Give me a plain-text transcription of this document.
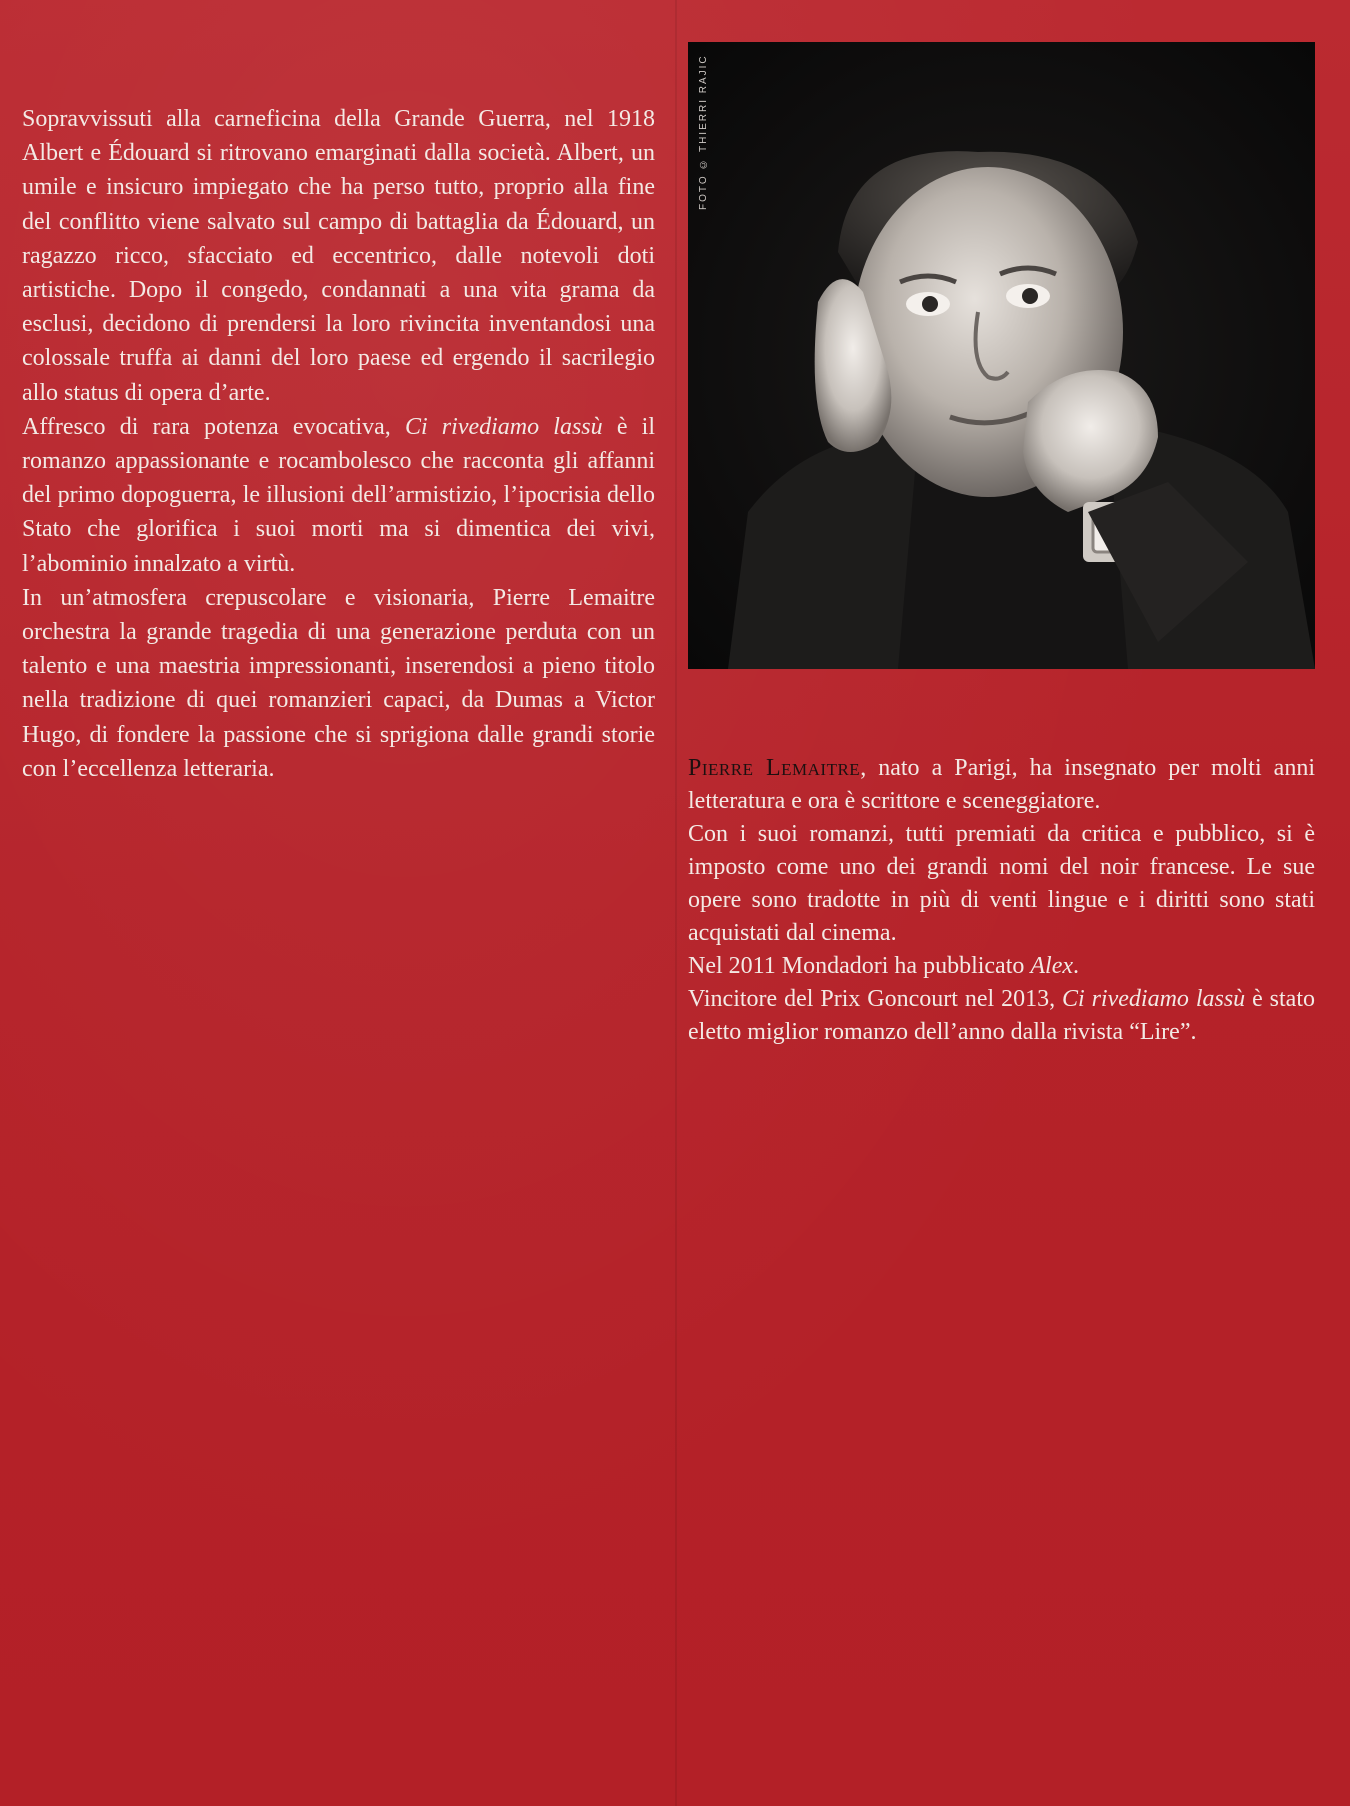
Sopravvissuti alla carneficina della Grande Guerra, nel 1918 Albert e Édouard si ritrovano emarginati dalla società. Albert, un umile e insicuro impiegato che ha perso tutto, proprio alla fine del conflitto viene salvato sul campo di battaglia da Édouard, un ragazzo ricco, sfacciato ed eccentrico, dalle notevoli doti artistiche. Dopo il congedo, condannati a una vita grama da esclusi, decidono di prendersi la loro rivincita inventandosi una colossale truffa ai danni del loro paese ed ergendo il sacrilegio allo status di opera d’arte.

Affresco di rara potenza evocativa, Ci rivediamo lassù è il romanzo appassionante e rocambolesco che racconta gli affanni del primo dopoguerra, le illusioni dell’armistizio, l’ipocrisia dello Stato che glorifica i suoi morti ma si dimentica dei vivi, l’abominio innalzato a virtù.

In un’atmosfera crepuscolare e visionaria, Pierre Lemaitre orchestra la grande tragedia di una generazione perduta con un talento e una maestria impressionanti, inserendosi a pieno titolo nella tradizione di quei romanzieri capaci, da Dumas a Victor Hugo, di fondere la passione che si sprigiona dalle grandi storie con l’eccellenza letteraria.

FOTO © THIERRI RAJIC

Pierre Lemaitre, nato a Parigi, ha insegnato per molti anni letteratura e ora è scrittore e sceneggiatore.

Con i suoi romanzi, tutti premiati da critica e pubblico, si è imposto come uno dei grandi nomi del noir francese. Le sue opere sono tradotte in più di venti lingue e i diritti sono stati acquistati dal cinema.

Nel 2011 Mondadori ha pubblicato Alex.

Vincitore del Prix Goncourt nel 2013, Ci rivediamo lassù è stato eletto miglior romanzo dell’anno dalla rivista “Lire”.
